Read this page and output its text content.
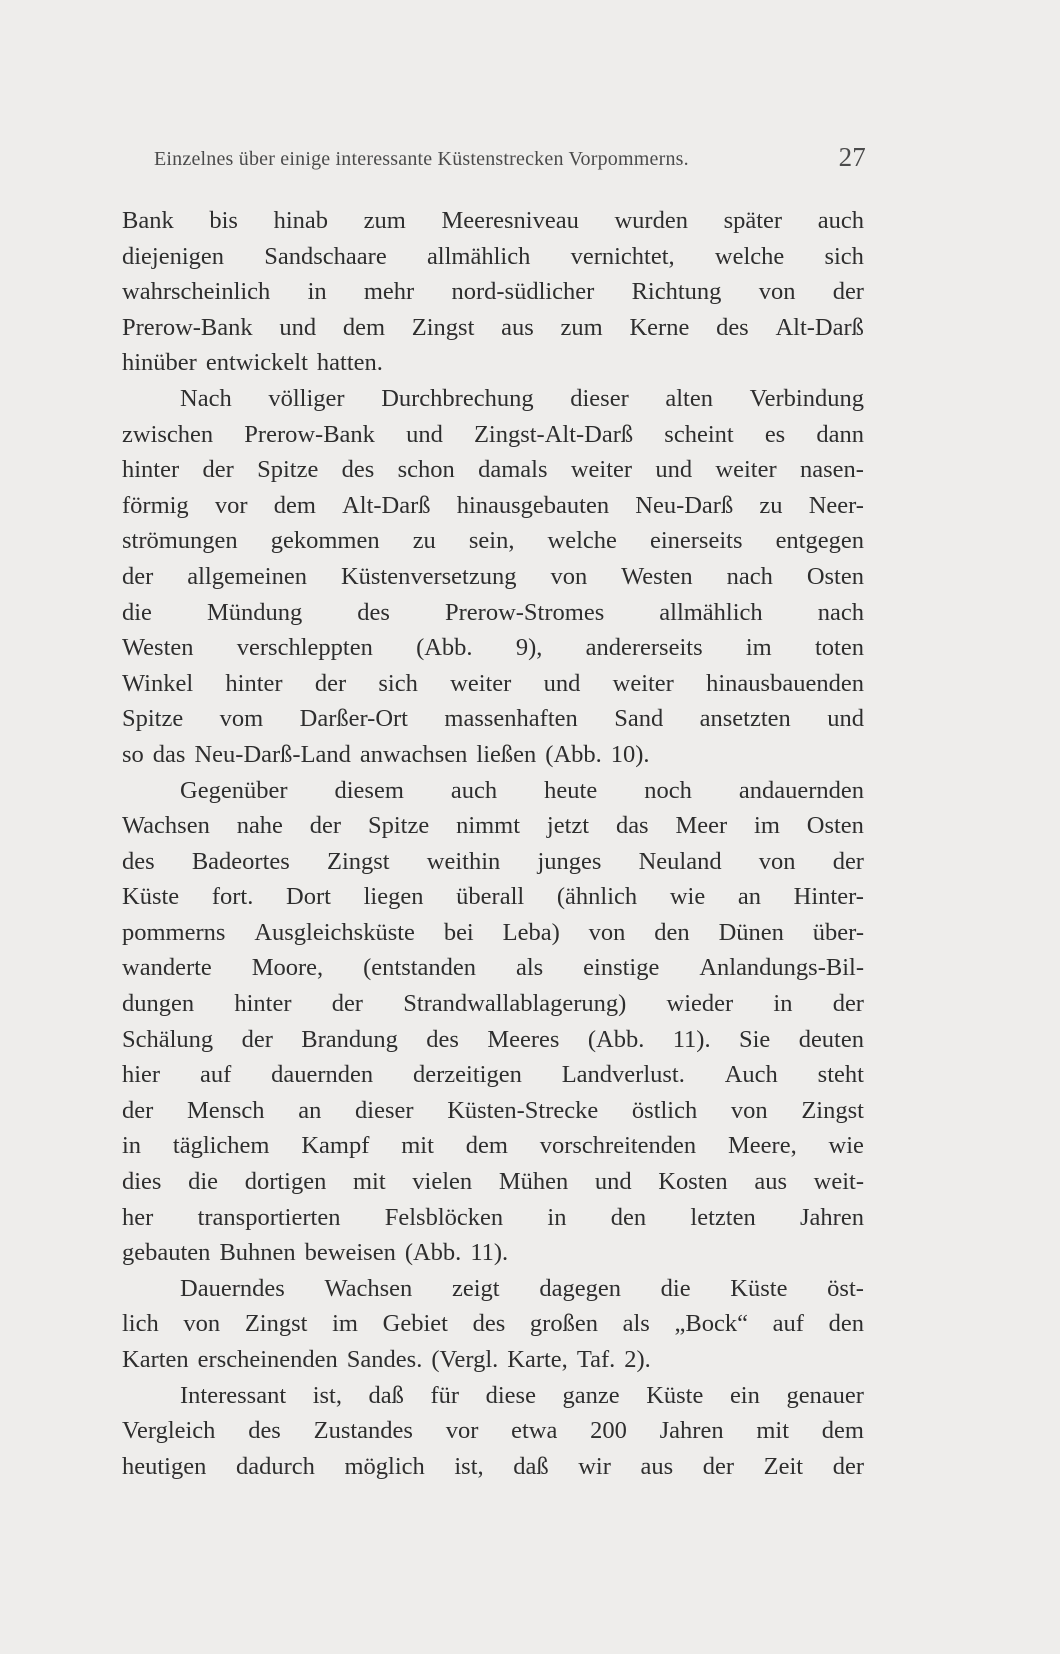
Einzelnes über einige interessante Küstenstrecken Vorpommerns.	27
Bank bis hinab zum Meeresniveau wurden später auch
diejenigen Sandschaare allmählich vernichtet, welche sich
wahrscheinlich in mehr nord-südlicher Richtung von der
Prerow-Bank und dem Zingst aus zum Kerne des Alt-Darß
hinüber entwickelt hatten.
Nach völliger Durchbrechung dieser alten Verbindung
zwischen Prerow-Bank und Zingst-Alt-Darß scheint es dann
hinter der Spitze des schon damals weiter und weiter nasen-
förmig vor dem Alt-Darß hinausgebauten Neu-Darß zu Neer-
strömungen gekommen zu sein, welche einerseits entgegen
der allgemeinen Küstenversetzung von Westen nach Osten
die Mündung des Prerow-Stromes allmählich nach
Westen verschleppten (Abb. 9), andererseits im toten
Winkel hinter der sich weiter und weiter hinausbauenden
Spitze vom Darßer-Ort massenhaften Sand ansetzten und
so das Neu-Darß-Land anwachsen ließen (Abb. 10).
Gegenüber diesem auch heute noch andauernden
Wachsen nahe der Spitze nimmt jetzt das Meer im Osten
des Badeortes Zingst weithin junges Neuland von der
Küste fort. Dort liegen überall (ähnlich wie an Hinter-
pommerns Ausgleichsküste bei Leba) von den Dünen über-
wanderte Moore, (entstanden als einstige Anlandungs-Bil-
dungen hinter der Strandwallablagerung) wieder in der
Schälung der Brandung des Meeres (Abb. 11). Sie deuten
hier auf dauernden derzeitigen Landverlust. Auch steht
der Mensch an dieser Küsten-Strecke östlich von Zingst
in täglichem Kampf mit dem vorschreitenden Meere, wie
dies die dortigen mit vielen Mühen und Kosten aus weit-
her transportierten Felsblöcken in den letzten Jahren
gebauten Buhnen beweisen (Abb. 11).
Dauerndes Wachsen zeigt dagegen die Küste öst-
lich von Zingst im Gebiet des großen als „Bock“ auf den
Karten erscheinenden Sandes. (Vergl. Karte, Taf. 2).
Interessant ist, daß für diese ganze Küste ein genauer
Vergleich des Zustandes vor etwa 200 Jahren mit dem
heutigen dadurch möglich ist, daß wir aus der Zeit der
